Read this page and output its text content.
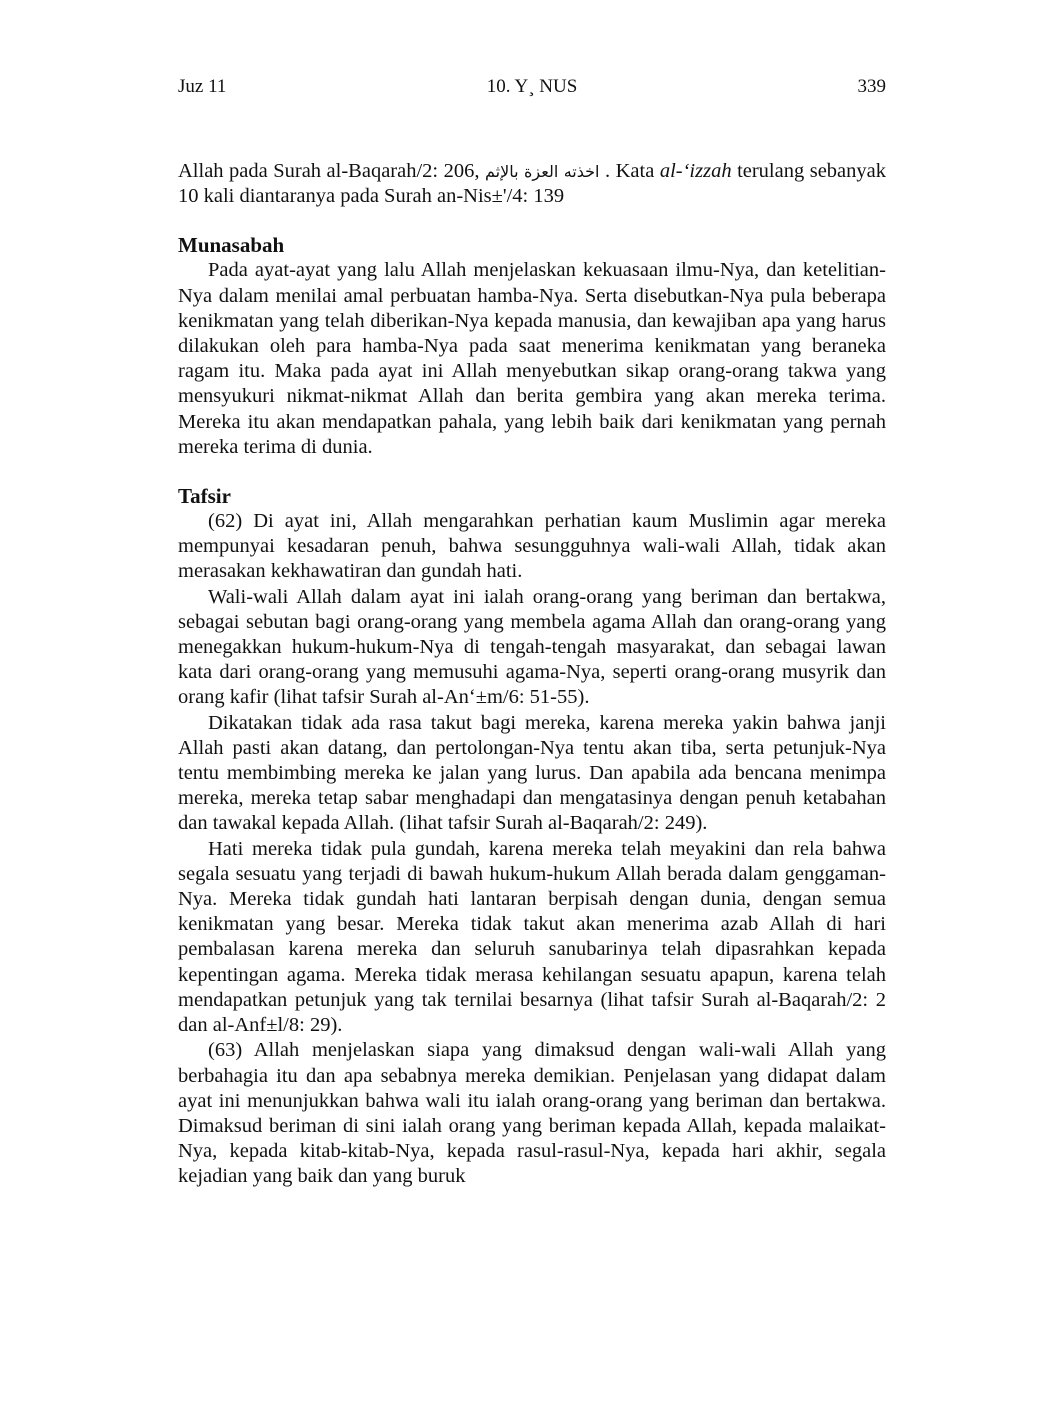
Juz 11	10. Y¸ NUS	339

Allah pada Surah al-Baqarah/2: 206, اخذته العزة بالإثم . Kata al-‘izzah terulang sebanyak 10 kali diantaranya pada Surah an-Nis±'/4: 139

Munasabah

Pada ayat-ayat yang lalu Allah menjelaskan kekuasaan ilmu-Nya, dan ketelitian-Nya dalam menilai amal perbuatan hamba-Nya. Serta disebutkan-Nya pula beberapa kenikmatan yang telah diberikan-Nya kepada manusia, dan kewajiban apa yang harus dilakukan oleh para hamba-Nya pada saat menerima kenikmatan yang beraneka ragam itu. Maka pada ayat ini Allah menyebutkan sikap orang-orang takwa yang mensyukuri nikmat-nikmat Allah dan berita gembira yang akan mereka terima. Mereka itu akan mendapatkan pahala, yang lebih baik dari kenikmatan yang pernah mereka terima di dunia.

Tafsir

(62) Di ayat ini, Allah mengarahkan perhatian kaum Muslimin agar mereka mempunyai kesadaran penuh, bahwa sesungguhnya wali-wali Allah, tidak akan merasakan kekhawatiran dan gundah hati.

Wali-wali Allah dalam ayat ini ialah orang-orang yang beriman dan bertakwa, sebagai sebutan bagi orang-orang yang membela agama Allah dan orang-orang yang menegakkan hukum-hukum-Nya di tengah-tengah masyarakat, dan sebagai lawan kata dari orang-orang yang memusuhi agama-Nya, seperti orang-orang musyrik dan orang kafir (lihat tafsir Surah al-An‘±m/6: 51-55).

Dikatakan tidak ada rasa takut bagi mereka, karena mereka yakin bahwa janji Allah pasti akan datang, dan pertolongan-Nya tentu akan tiba, serta petunjuk-Nya tentu membimbing mereka ke jalan yang lurus. Dan apabila ada bencana menimpa mereka, mereka tetap sabar menghadapi dan mengatasinya dengan penuh ketabahan dan tawakal kepada Allah. (lihat tafsir Surah al-Baqarah/2: 249).

Hati mereka tidak pula gundah, karena mereka telah meyakini dan rela bahwa segala sesuatu yang terjadi di bawah hukum-hukum Allah berada dalam genggaman-Nya. Mereka tidak gundah hati lantaran berpisah dengan dunia, dengan semua kenikmatan yang besar. Mereka tidak takut akan menerima azab Allah di hari pembalasan karena mereka dan seluruh sanubarinya telah dipasrahkan kepada kepentingan agama. Mereka tidak merasa kehilangan sesuatu apapun, karena telah mendapatkan petunjuk yang tak ternilai besarnya (lihat tafsir Surah al-Baqarah/2: 2 dan al-Anf±l/8: 29).

(63) Allah menjelaskan siapa yang dimaksud dengan wali-wali Allah yang berbahagia itu dan apa sebabnya mereka demikian. Penjelasan yang didapat dalam ayat ini menunjukkan bahwa wali itu ialah orang-orang yang beriman dan bertakwa. Dimaksud beriman di sini ialah orang yang beriman kepada Allah, kepada malaikat-Nya, kepada kitab-kitab-Nya, kepada rasul-rasul-Nya, kepada hari akhir, segala kejadian yang baik dan yang buruk
